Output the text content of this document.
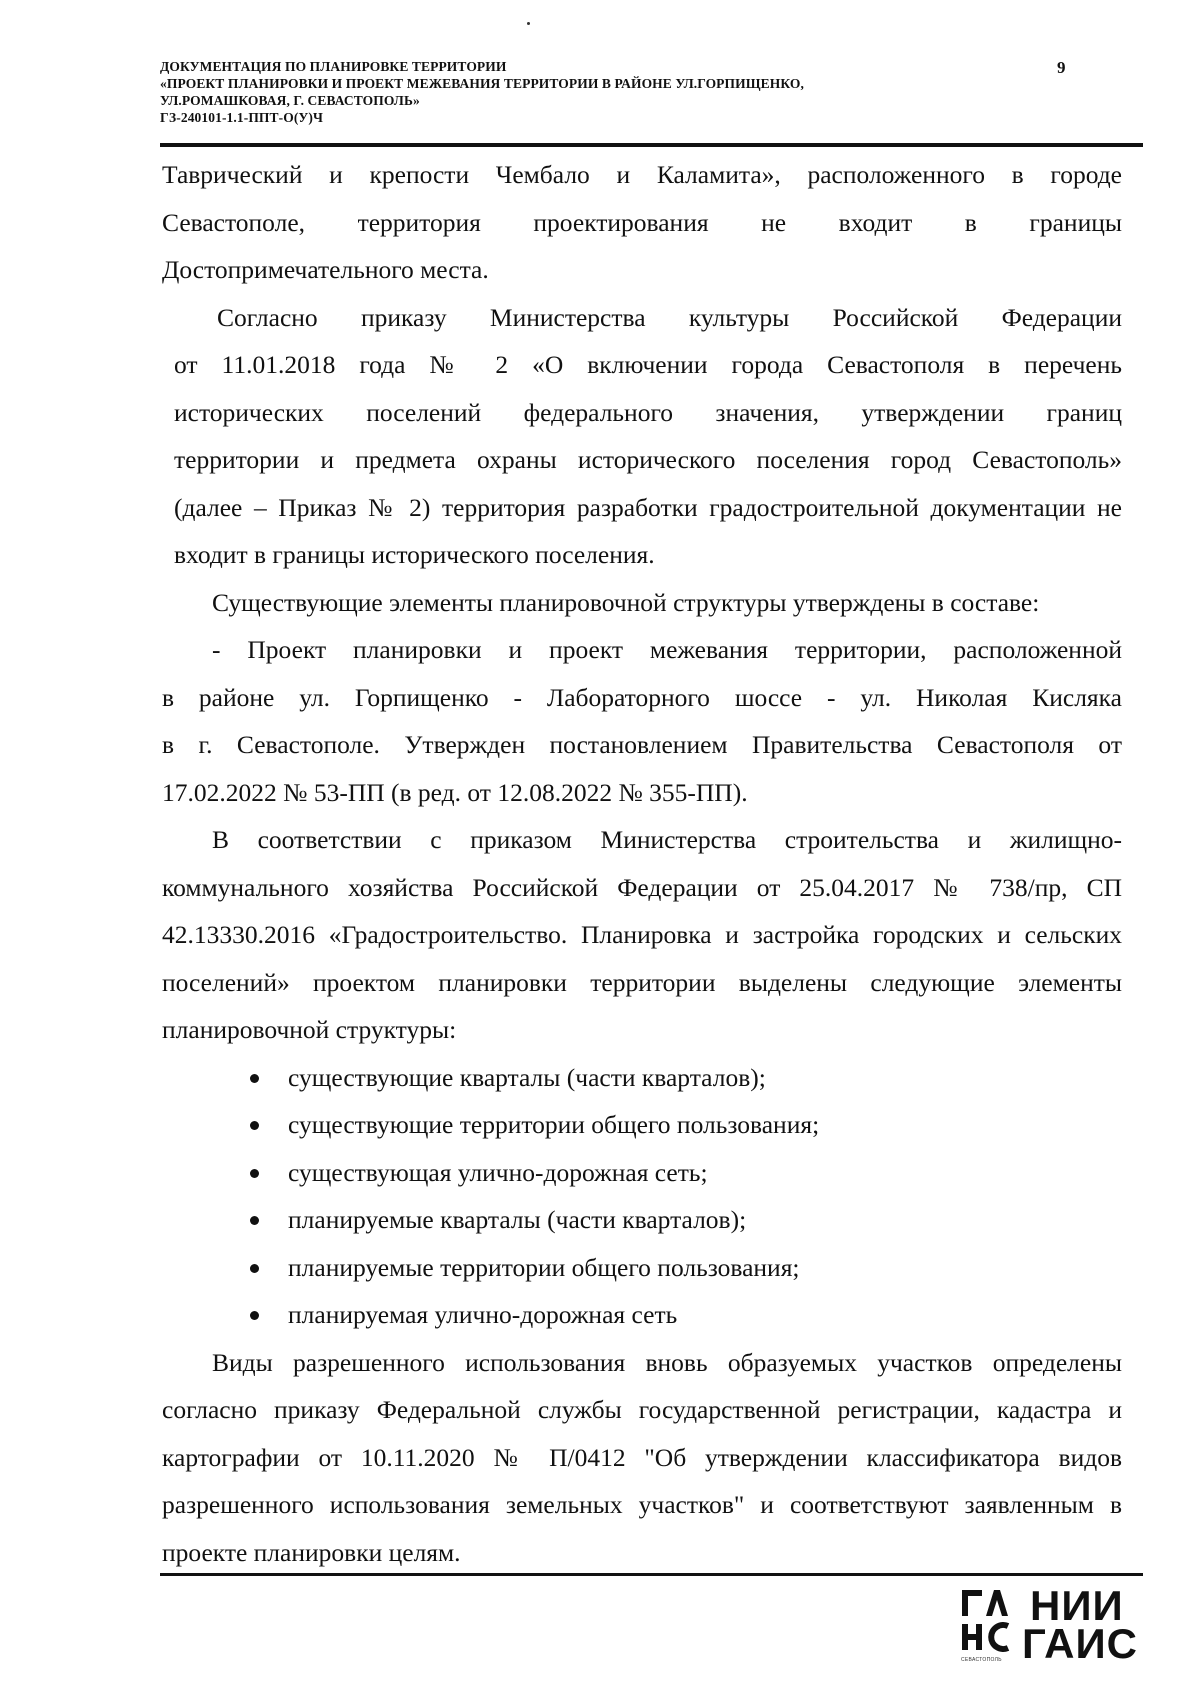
ДОКУМЕНТАЦИЯ ПО ПЛАНИРОВКЕ ТЕРРИТОРИИ
«ПРОЕКТ ПЛАНИРОВКИ И ПРОЕКТ МЕЖЕВАНИЯ ТЕРРИТОРИИ В РАЙОНЕ УЛ.ГОРПИЩЕНКО,
УЛ.РОМАШКОВАЯ, Г. СЕВАСТОПОЛЬ»
ГЗ-240101-1.1-ППТ-О(У)Ч
9
Таврический и крепости Чембало и Каламита», расположенного в городе
Севастополе, территория проектирования не входит в границы
Достопримечательного места.
Согласно приказу Министерства культуры Российской Федерации
от 11.01.2018 года № 2 «О включении города Севастополя в перечень
исторических поселений федерального значения, утверждении границ
территории и предмета охраны исторического поселения город Севастополь»
(далее – Приказ № 2) территория разработки градостроительной документации не
входит в границы исторического поселения.
Существующие элементы планировочной структуры утверждены в составе:
- Проект планировки и проект межевания территории, расположенной
в районе ул. Горпищенко - Лабораторного шоссе - ул. Николая Кисляка
в г. Севастополе. Утвержден постановлением Правительства Севастополя от
17.02.2022 № 53-ПП (в ред. от 12.08.2022 № 355-ПП).
В соответствии с приказом Министерства строительства и жилищно-
коммунального хозяйства Российской Федерации от 25.04.2017 № 738/пр, СП
42.13330.2016 «Градостроительство. Планировка и застройка городских и сельских
поселений» проектом планировки территории выделены следующие элементы
планировочной структуры:
существующие кварталы (части кварталов);
существующие территории общего пользования;
существующая улично-дорожная сеть;
планируемые кварталы (части кварталов);
планируемые территории общего пользования;
планируемая улично-дорожная сеть
Виды разрешенного использования вновь образуемых участков определены
согласно приказу Федеральной службы государственной регистрации, кадастра и
картографии от 10.11.2020 № П/0412 "Об утверждении классификатора видов
разрешенного использования земельных участков" и соответствуют заявленным в
проекте планировки целям.
НИИ
ГАИС
СЕВАСТОПОЛЬ
